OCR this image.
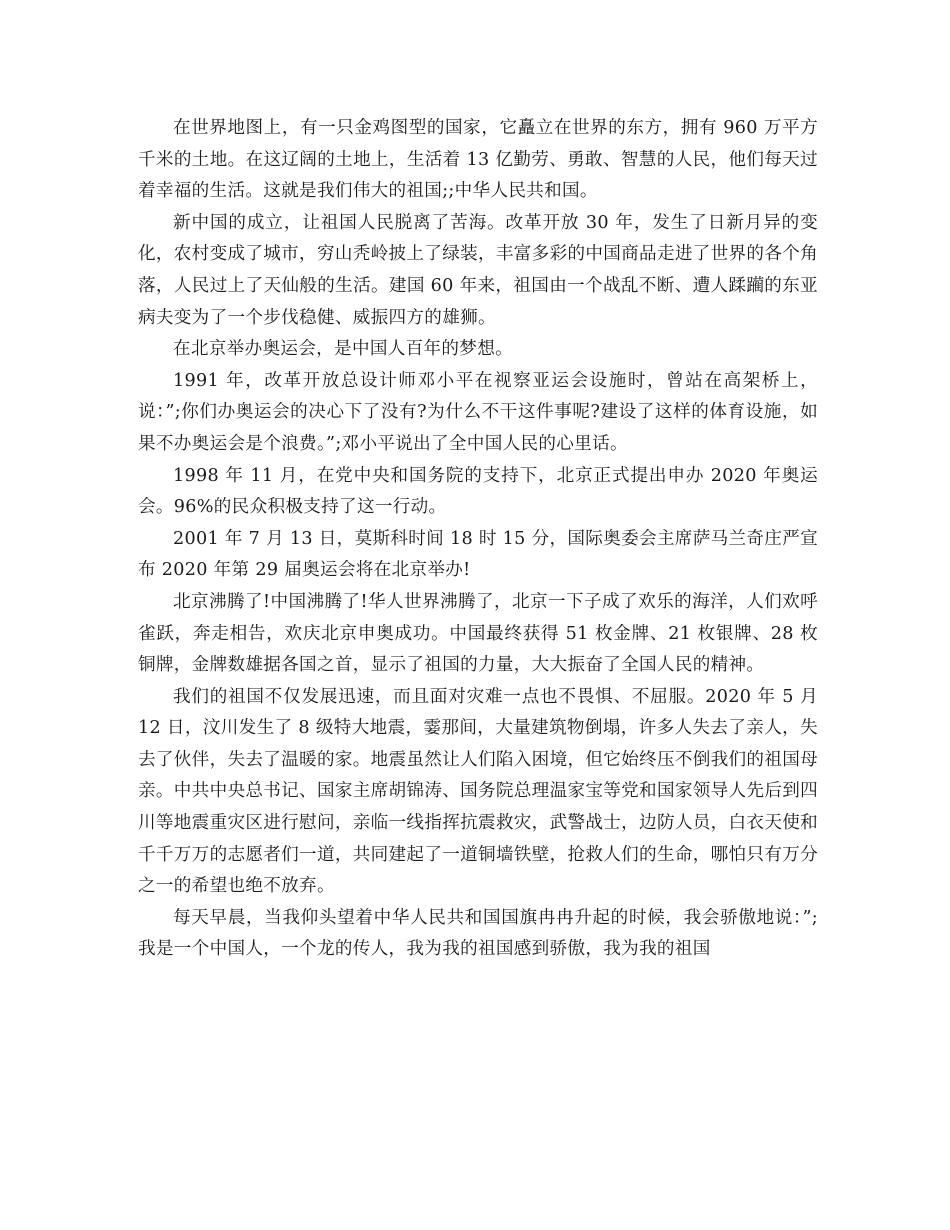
在世界地图上，有一只金鸡图型的国家，它矗立在世界的东方，拥有 960 万平方千米的土地。在这辽阔的土地上，生活着 13 亿勤劳、勇敢、智慧的人民，他们每天过着幸福的生活。这就是我们伟大的祖国;;中华人民共和国。

新中国的成立，让祖国人民脱离了苦海。改革开放 30 年，发生了日新月异的变化，农村变成了城市，穷山秃岭披上了绿装，丰富多彩的中国商品走进了世界的各个角落，人民过上了天仙般的生活。建国 60 年来，祖国由一个战乱不断、遭人蹂躏的东亚病夫变为了一个步伐稳健、威振四方的雄狮。

在北京举办奥运会，是中国人百年的梦想。

1991 年，改革开放总设计师邓小平在视察亚运会设施时，曾站在高架桥上，说：”;你们办奥运会的决心下了没有?为什么不干这件事呢?建设了这样的体育设施，如果不办奥运会是个浪费。”;邓小平说出了全中国人民的心里话。

1998 年 11 月，在党中央和国务院的支持下，北京正式提出申办 2020 年奥运会。96%的民众积极支持了这一行动。

2001 年 7 月 13 日，莫斯科时间 18 时 15 分，国际奥委会主席萨马兰奇庄严宣布 2020 年第 29 届奥运会将在北京举办!

北京沸腾了!中国沸腾了!华人世界沸腾了，北京一下子成了欢乐的海洋，人们欢呼雀跃，奔走相告，欢庆北京申奥成功。中国最终获得 51 枚金牌、21 枚银牌、28 枚铜牌，金牌数雄据各国之首，显示了祖国的力量，大大振奋了全国人民的精神。

我们的祖国不仅发展迅速，而且面对灾难一点也不畏惧、不屈服。2020 年 5 月 12 日，汶川发生了 8 级特大地震，霎那间，大量建筑物倒塌，许多人失去了亲人，失去了伙伴，失去了温暖的家。地震虽然让人们陷入困境，但它始终压不倒我们的祖国母亲。中共中央总书记、国家主席胡锦涛、国务院总理温家宝等党和国家领导人先后到四川等地震重灾区进行慰问，亲临一线指挥抗震救灾，武警战士，边防人员，白衣天使和千千万万的志愿者们一道，共同建起了一道铜墙铁壁，抢救人们的生命，哪怕只有万分之一的希望也绝不放弃。

每天早晨，当我仰头望着中华人民共和国国旗冉冉升起的时候，我会骄傲地说：”;我是一个中国人，一个龙的传人，我为我的祖国感到骄傲，我为我的祖国
